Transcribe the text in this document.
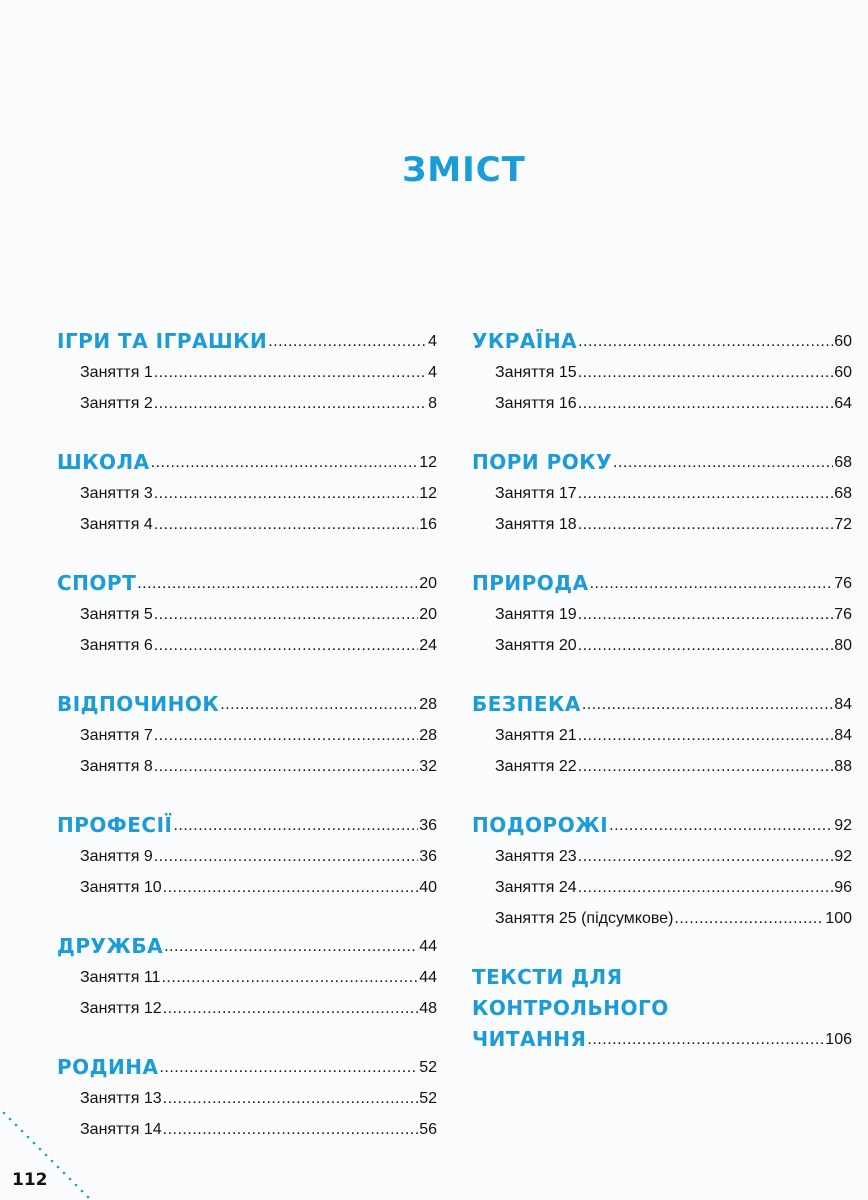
ЗМІСТ
ІГРИ ТА ІГРАШКИ .....	4
Заняття 1 .....	4
Заняття 2 .....	8
ШКОЛА .....	12
Заняття 3 .....	12
Заняття 4 .....	16
СПОРТ .....	20
Заняття 5 .....	20
Заняття 6 .....	24
ВІДПОЧИНОК .....	28
Заняття 7 .....	28
Заняття 8 .....	32
ПРОФЕСІЇ .....	36
Заняття 9 .....	36
Заняття 10 .....	40
ДРУЖБА .....	44
Заняття 11 .....	44
Заняття 12 .....	48
РОДИНА .....	52
Заняття 13 .....	52
Заняття 14 .....	56
УКРАЇНА .....	60
Заняття 15 .....	60
Заняття 16 .....	64
ПОРИ РОКУ .....	68
Заняття 17 .....	68
Заняття 18 .....	72
ПРИРОДА .....	76
Заняття 19 .....	76
Заняття 20 .....	80
БЕЗПЕКА .....	84
Заняття 21 .....	84
Заняття 22 .....	88
ПОДОРОЖІ .....	92
Заняття 23 .....	92
Заняття 24 .....	96
Заняття 25 (підсумкове) .....	100
ТЕКСТИ ДЛЯ
КОНТРОЛЬНОГО
ЧИТАННЯ .....	106
112
